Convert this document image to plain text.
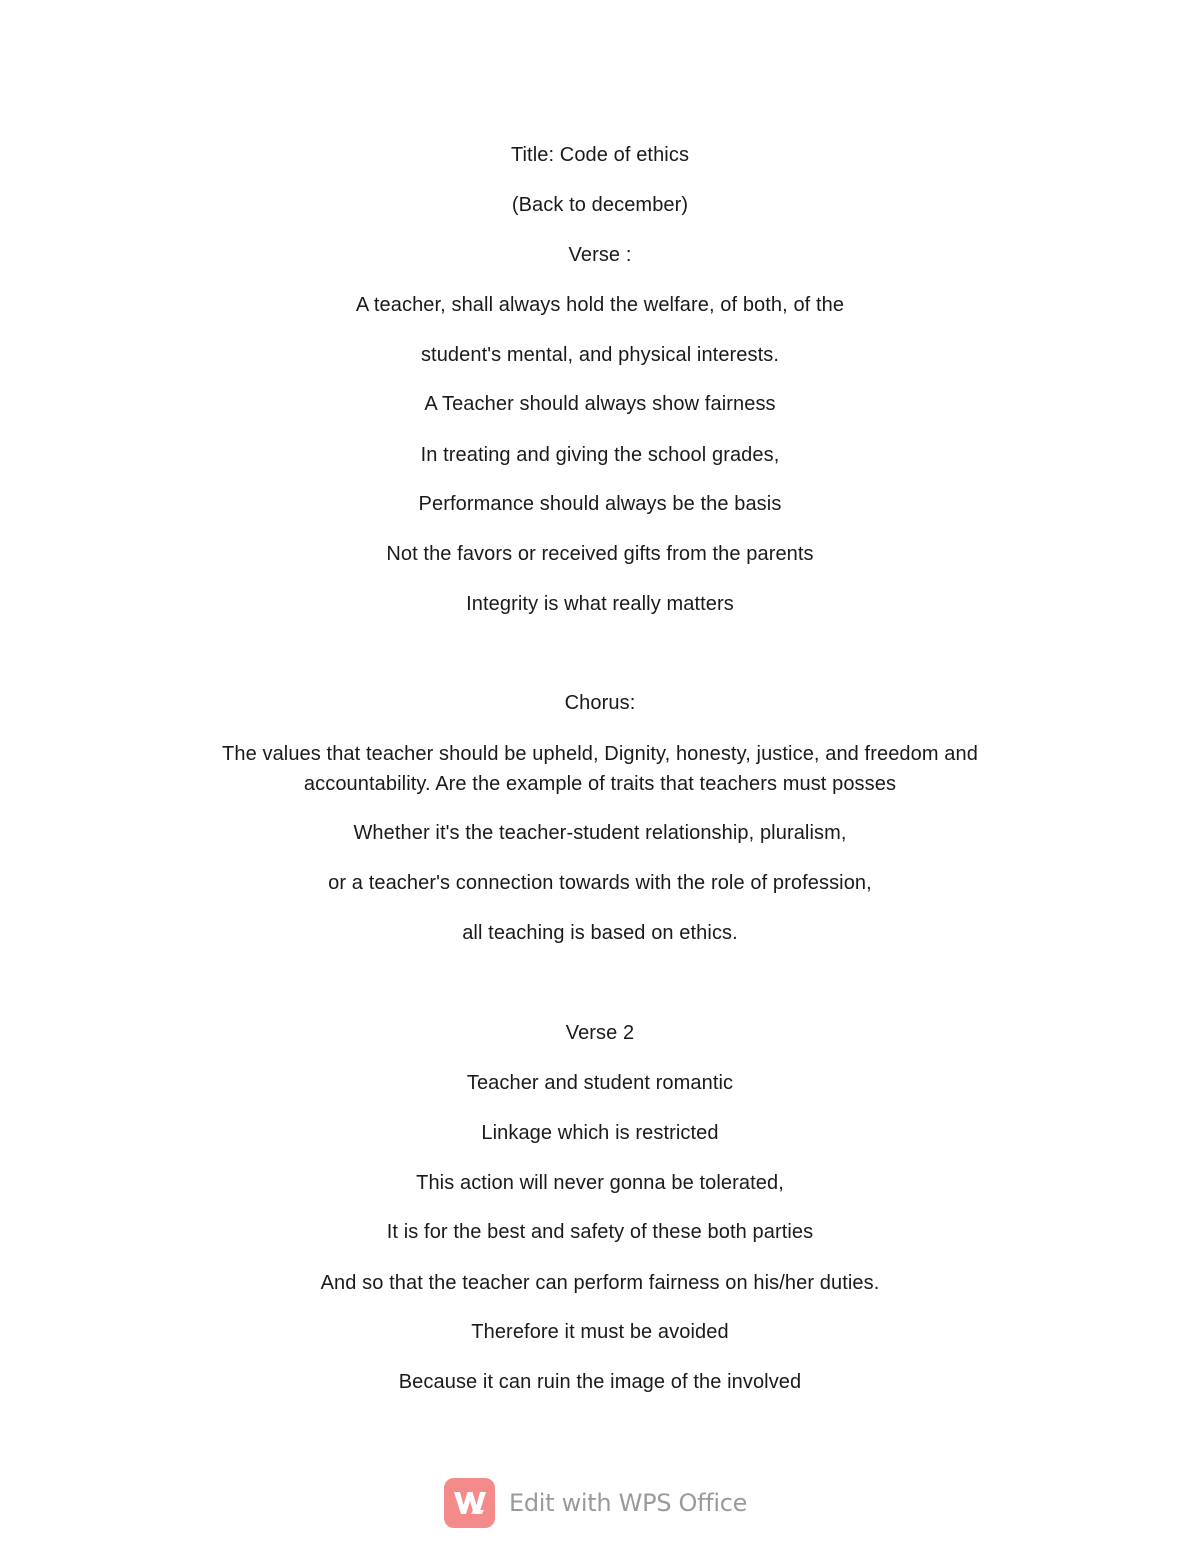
Title: Code of ethics
(Back to december)
Verse :
A teacher, shall always hold the welfare, of both, of the
student's mental, and physical interests.
A Teacher should always show fairness
In treating and giving the school grades,
Performance should always be the basis
Not the favors or received gifts from the parents
Integrity is what really matters
Chorus:
The values that teacher should be upheld, Dignity, honesty, justice, and freedom and accountability. Are the example of traits that teachers must posses
Whether it's the teacher-student relationship, pluralism,
or a teacher's connection towards with the role of profession,
all teaching is based on ethics.
Verse 2
Teacher and student romantic
Linkage which is restricted
This action will never gonna be tolerated,
It is for the best and safety of these both parties
And so that the teacher can perform fairness on his/her duties.
Therefore it must be avoided
Because it can ruin the image of the involved
Edit with WPS Office
